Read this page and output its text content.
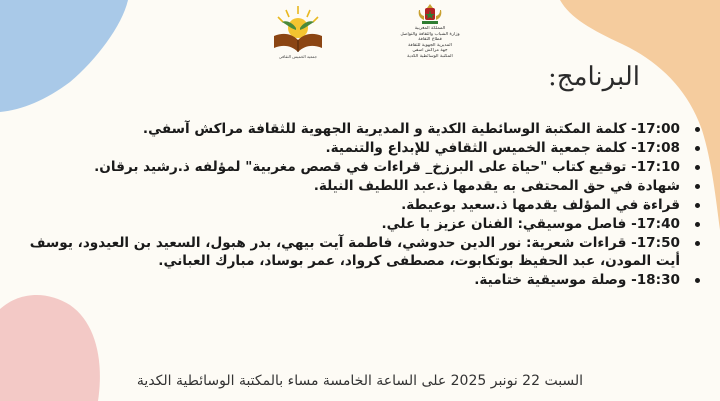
جمعية الخميس الثقافي
المملكة المغربية
وزارة الشباب والثقافة والتواصل
قطاع الثقافة
المديرية الجهوية للثقافة
جهة مراكش آسفي
المكتبة الوسائطية الكدية
البرنامج:
17:00- كلمة المكتبة الوسائطية الكدية و المديرية الجهوية للثقافة مراكش آسفي.
17:08- كلمة جمعية الخميس الثقافي للإبداع والتنمية.
17:10- توقيع كتاب "حياة على البرزخ_ قراءات في قصص مغربية" لمؤلفه ذ.رشيد برقان.
شهادة في حق المحتفى به يقدمها ذ.عبد اللطيف النيلة.
قراءة في المؤلف يقدمها ذ.سعيد بوعيطة.
17:40- فاصل موسيقي: الفنان عزيز با علي.
17:50- قراءات شعرية: نور الدين حدوشي، فاطمة آيت بيهي، بدر هبول، السعيد بن العيدود، يوسف أيت المودن، عبد الحفيظ بوتكابوت، مصطفى كرواد، عمر بوساد، مبارك العباني.
18:30- وصلة موسيقية ختامية.
السبت 22 نونبر 2025 على الساعة الخامسة مساء بالمكتبة الوسائطية الكدية
